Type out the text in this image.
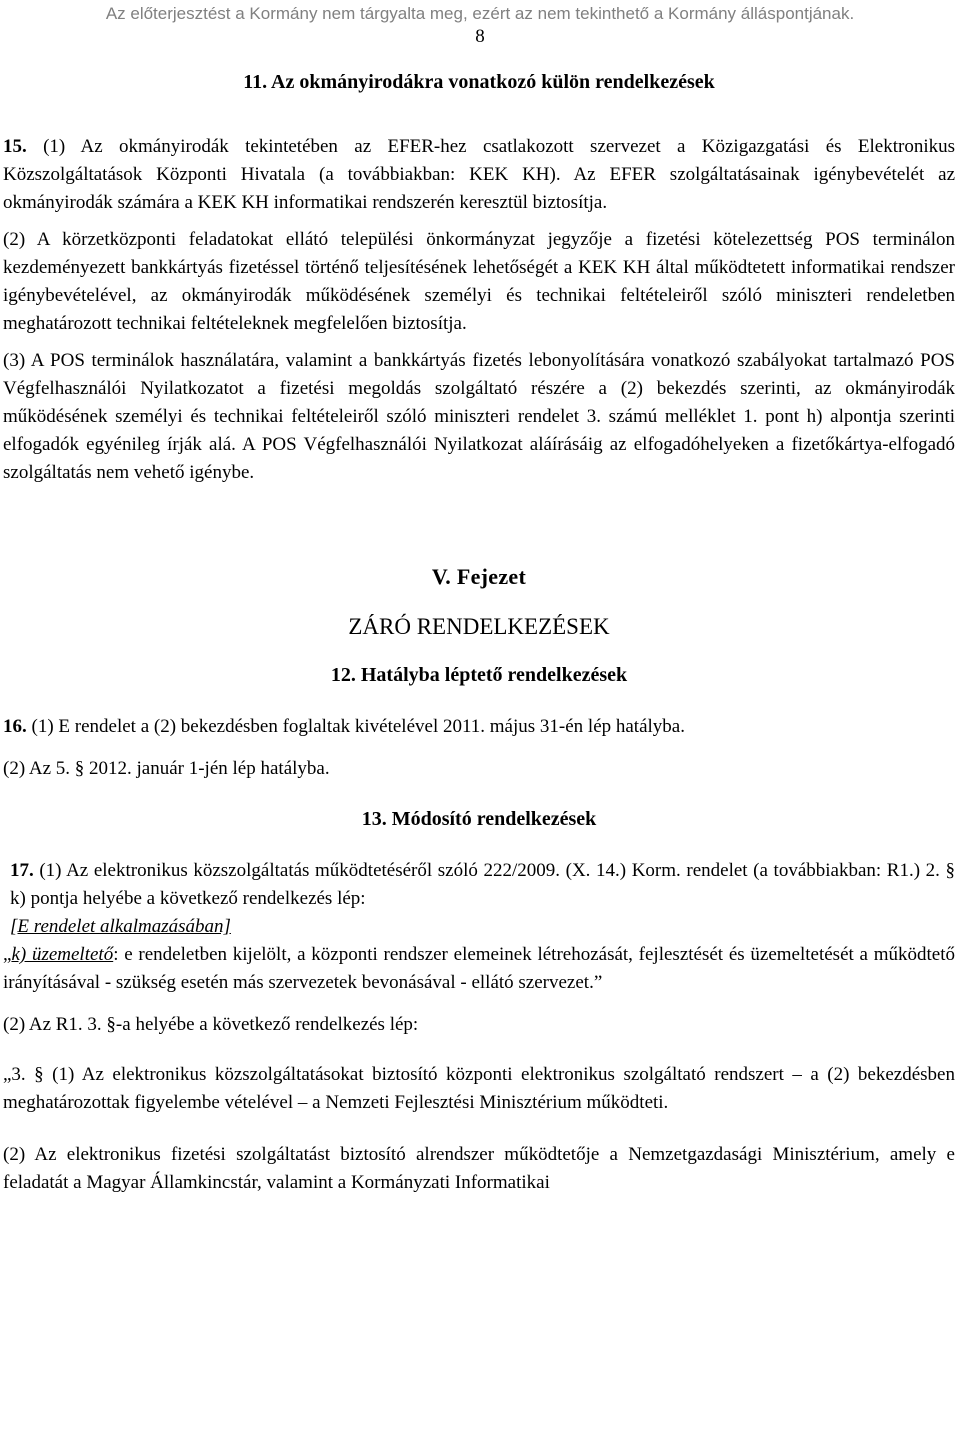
Az előterjesztést a Kormány nem tárgyalta meg, ezért az nem tekinthető a Kormány álláspontjának.
8
11. Az okmányirodákra vonatkozó külön rendelkezések

15. (1) Az okmányirodák tekintetében az EFER-hez csatlakozott szervezet a Közigazgatási és Elektronikus Közszolgáltatások Központi Hivatala (a továbbiakban: KEK KH). Az EFER szolgáltatásainak igénybevételét az okmányirodák számára a KEK KH informatikai rendszerén keresztül biztosítja.

(2) A körzetközponti feladatokat ellátó települési önkormányzat jegyzője a fizetési kötelezettség POS terminálon kezdeményezett bankkártyás fizetéssel történő teljesítésének lehetőségét a KEK KH által működtetett informatikai rendszer igénybevételével, az okmányirodák működésének személyi és technikai feltételeiről szóló miniszteri rendeletben meghatározott technikai feltételeknek megfelelően biztosítja.

(3) A POS terminálok használatára, valamint a bankkártyás fizetés lebonyolítására vonatkozó szabályokat tartalmazó POS Végfelhasználói Nyilatkozatot a fizetési megoldás szolgáltató részére a (2) bekezdés szerinti, az okmányirodák működésének személyi és technikai feltételeiről szóló miniszteri rendelet 3. számú melléklet 1. pont h) alpontja szerinti elfogadók egyénileg írják alá. A POS Végfelhasználói Nyilatkozat aláírásáig az elfogadóhelyeken a fizetőkártya-elfogadó szolgáltatás nem vehető igénybe.

V. Fejezet
ZÁRÓ RENDELKEZÉSEK
12. Hatályba léptető rendelkezések

16. (1) E rendelet a (2) bekezdésben foglaltak kivételével 2011. május 31-én lép hatályba.

(2) Az 5. § 2012. január 1-jén lép hatályba.

13. Módosító rendelkezések

17. (1) Az elektronikus közszolgáltatás működtetéséről szóló 222/2009. (X. 14.) Korm. rendelet (a továbbiakban: R1.) 2. § k) pontja helyébe a következő rendelkezés lép:

[E rendelet alkalmazásában]

„k) üzemeltető: e rendeletben kijelölt, a központi rendszer elemeinek létrehozását, fejlesztését és üzemeltetését a működtető irányításával - szükség esetén más szervezetek bevonásával - ellátó szervezet.”

(2) Az R1. 3. §-a helyébe a következő rendelkezés lép:

„3. § (1) Az elektronikus közszolgáltatásokat biztosító központi elektronikus szolgáltató rendszert – a (2) bekezdésben meghatározottak figyelembe vételével – a Nemzeti Fejlesztési Minisztérium működteti.

(2) Az elektronikus fizetési szolgáltatást biztosító alrendszer működtetője a Nemzetgazdasági Minisztérium, amely e feladatát a Magyar Államkincstár, valamint a Kormányzati Informatikai
